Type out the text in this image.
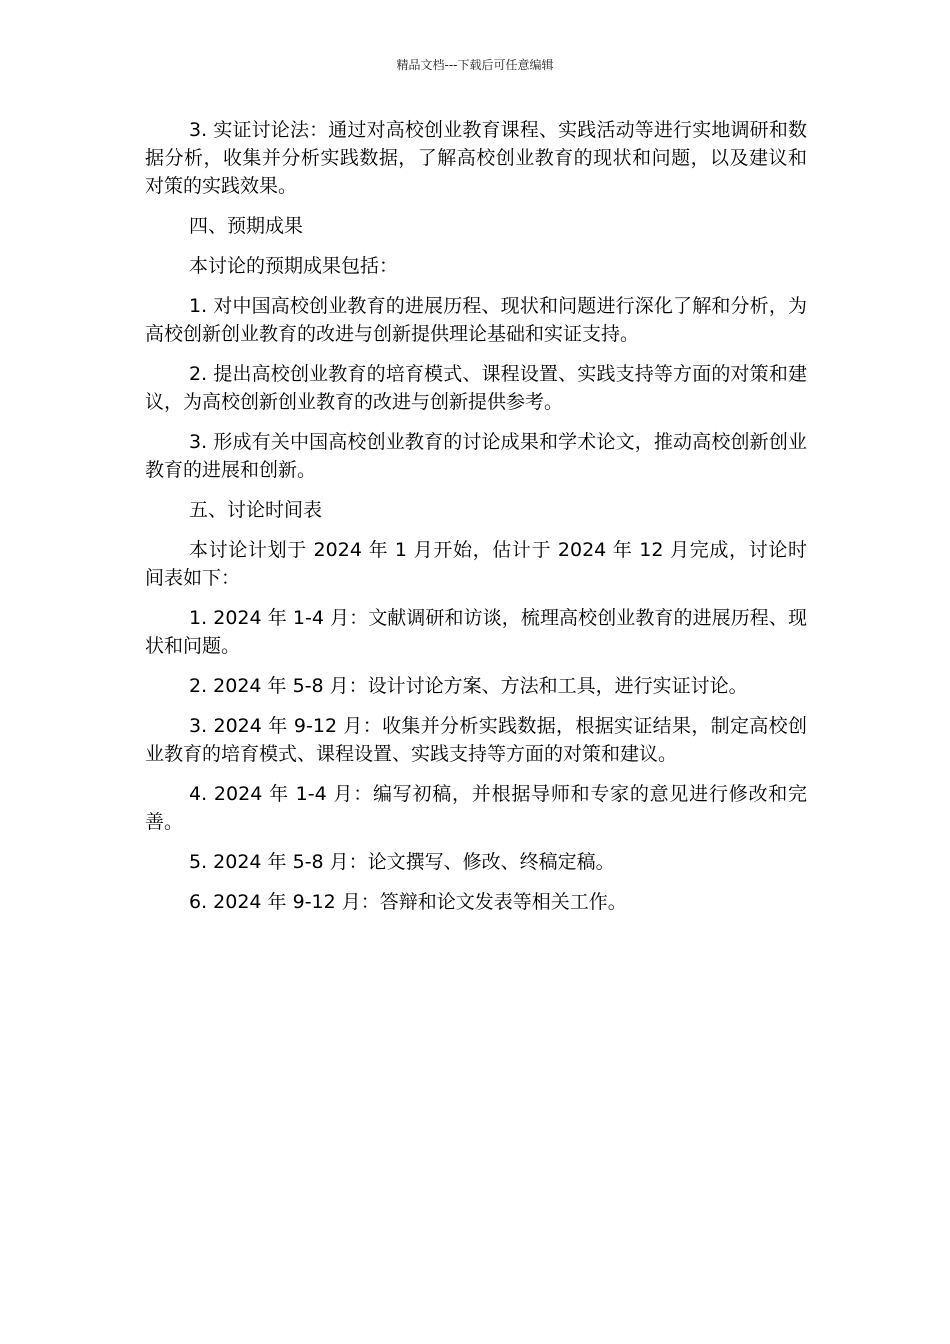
精品文档---下载后可任意编辑

3. 实证讨论法：通过对高校创业教育课程、实践活动等进行实地调研和数据分析，收集并分析实践数据，了解高校创业教育的现状和问题，以及建议和对策的实践效果。

四、预期成果

本讨论的预期成果包括：

1. 对中国高校创业教育的进展历程、现状和问题进行深化了解和分析，为高校创新创业教育的改进与创新提供理论基础和实证支持。

2. 提出高校创业教育的培育模式、课程设置、实践支持等方面的对策和建议，为高校创新创业教育的改进与创新提供参考。

3. 形成有关中国高校创业教育的讨论成果和学术论文，推动高校创新创业教育的进展和创新。

五、讨论时间表

本讨论计划于 2024 年 1 月开始，估计于 2024 年 12 月完成，讨论时间表如下：

1. 2024 年 1-4 月：文献调研和访谈，梳理高校创业教育的进展历程、现状和问题。

2. 2024 年 5-8 月：设计讨论方案、方法和工具，进行实证讨论。

3. 2024 年 9-12 月：收集并分析实践数据，根据实证结果，制定高校创业教育的培育模式、课程设置、实践支持等方面的对策和建议。

4. 2024 年 1-4 月：编写初稿，并根据导师和专家的意见进行修改和完善。

5. 2024 年 5-8 月：论文撰写、修改、终稿定稿。

6. 2024 年 9-12 月：答辩和论文发表等相关工作。
